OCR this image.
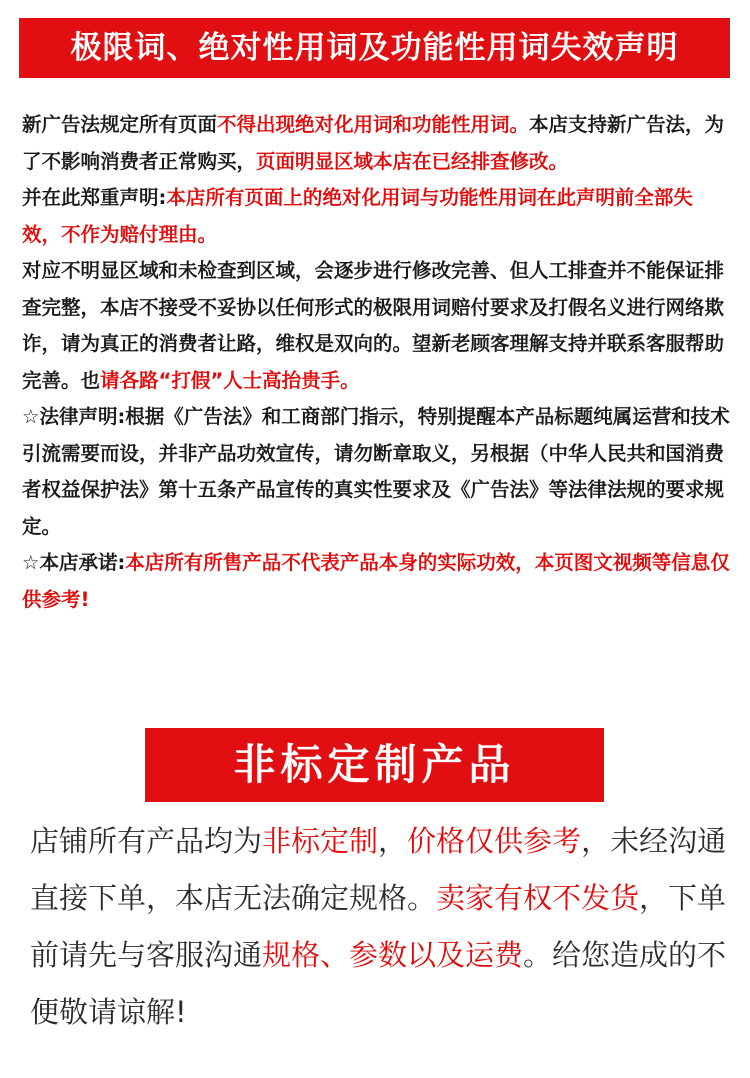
极限词、绝对性用词及功能性用词失效声明

新广告法规定所有页面不得出现绝对化用词和功能性用词。本店支持新广告法，为了不影响消费者正常购买，页面明显区域本店在已经排查修改。

并在此郑重声明:本店所有页面上的绝对化用词与功能性用词在此声明前全部失效，不作为赔付理由。

对应不明显区域和未检查到区域，会逐步进行修改完善、但人工排查并不能保证排查完整，本店不接受不妥协以任何形式的极限用词赔付要求及打假名义进行网络欺诈，请为真正的消费者让路，维权是双向的。望新老顾客理解支持并联系客服帮助完善。也请各路“打假”人士高抬贵手。

☆法律声明:根据《广告法》和工商部门指示，特别提醒本产品标题纯属运营和技术引流需要而设，并非产品功效宣传，请勿断章取义，另根据（中华人民共和国消费者权益保护法》第十五条产品宣传的真实性要求及《广告法》等法律法规的要求规定。

☆本店承诺:本店所有所售产品不代表产品本身的实际功效，本页图文视频等信息仅供参考!

非标定制产品

店铺所有产品均为非标定制，价格仅供参考，未经沟通直接下单，本店无法确定规格。卖家有权不发货，下单前请先与客服沟通规格、参数以及运费。给您造成的不便敬请谅解!
